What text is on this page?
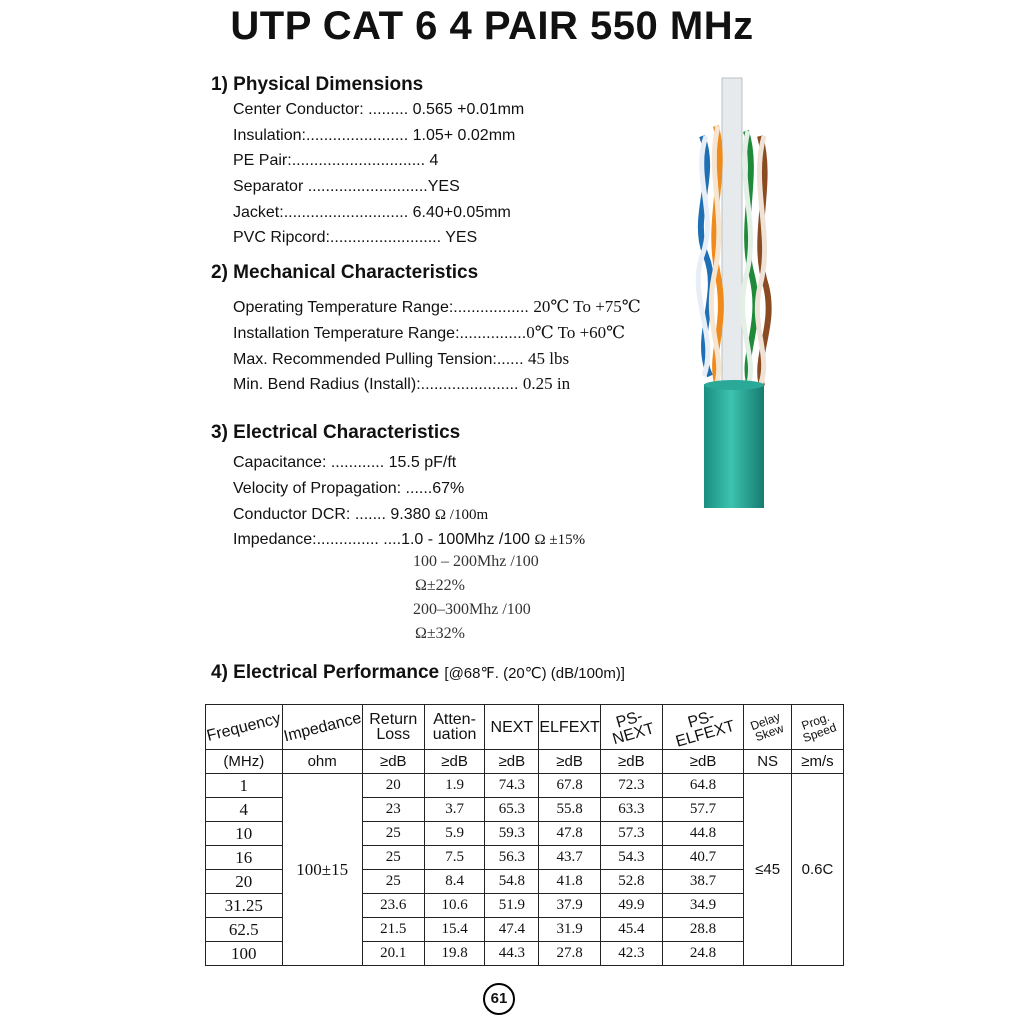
UTP CAT 6 4 PAIR 550 MHz
1) Physical Dimensions
Center Conductor: ......... 0.565 +0.01mm
Insulation:....................... 1.05+ 0.02mm
PE Pair:.............................. 4
Separator ...........................YES
Jacket:............................ 6.40+0.05mm
PVC Ripcord:......................... YES
2) Mechanical Characteristics
Operating Temperature Range:................. 20℃ To +75℃
Installation Temperature Range:...............0℃ To +60℃
Max. Recommended Pulling Tension:...... 45 lbs
Min. Bend Radius (Install):...................... 0.25 in
3) Electrical Characteristics
Capacitance: ............ 15.5 pF/ft
Velocity of Propagation: ......67%
Conductor DCR: ....... 9.380 Ω /100m
Impedance:.............. ....1.0 - 100Mhz /100 Ω ±15%
100 – 200Mhz /100
Ω±22%
200–300Mhz /100
Ω±32%
4) Electrical Performance [@68℉. (20℃) (dB/100m)]
Frequency	Impedance	Return Loss	Atten- uation	NEXT	ELFEXT	PS-NEXT	PS- ELFEXT	Delay Skew	Prog. Speed
(MHz)	ohm	≥dB	≥dB	≥dB	≥dB	≥dB	≥dB	NS	≥m/s
1	100±15	20	1.9	74.3	67.8	72.3	64.8	≤45	0.6C
4		23	3.7	65.3	55.8	63.3	57.7		
10		25	5.9	59.3	47.8	57.3	44.8		
16		25	7.5	56.3	43.7	54.3	40.7		
20		25	8.4	54.8	41.8	52.8	38.7		
31.25		23.6	10.6	51.9	37.9	49.9	34.9		
62.5		21.5	15.4	47.4	31.9	45.4	28.8		
100		20.1	19.8	44.3	27.8	42.3	24.8		
61
